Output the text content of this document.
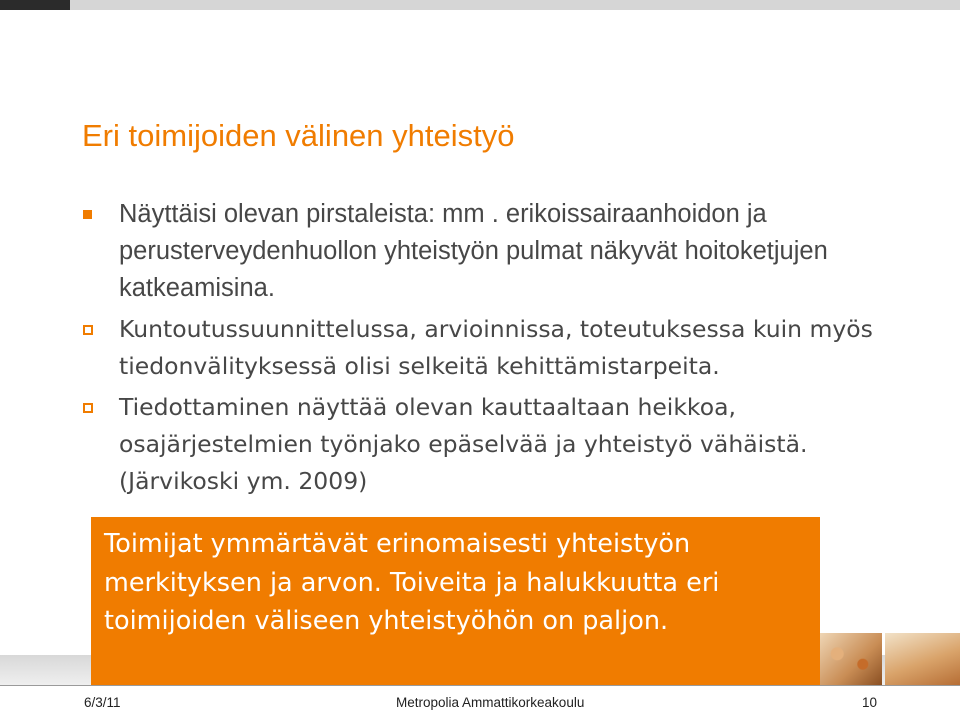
Eri toimijoiden välinen yhteistyö
Näyttäisi olevan pirstaleista: mm . erikoissairaanhoidon ja perusterveydenhuollon yhteistyön pulmat näkyvät hoitoketjujen katkeamisina.
Kuntoutussuunnittelussa, arvioinnissa, toteutuksessa kuin myös tiedonvälityksessä olisi selkeitä kehittämistarpeita.
Tiedottaminen näyttää olevan kauttaaltaan heikkoa, osajärjestelmien työnjako epäselvää ja yhteistyö vähäistä. (Järvikoski ym. 2009)

Toimijat ymmärtävät erinomaisesti yhteistyön merkityksen ja arvon. Toiveita ja halukkuutta eri toimijoiden väliseen yhteistyöhön on paljon.

6/3/11	Metropolia Ammattikorkeakoulu	10
